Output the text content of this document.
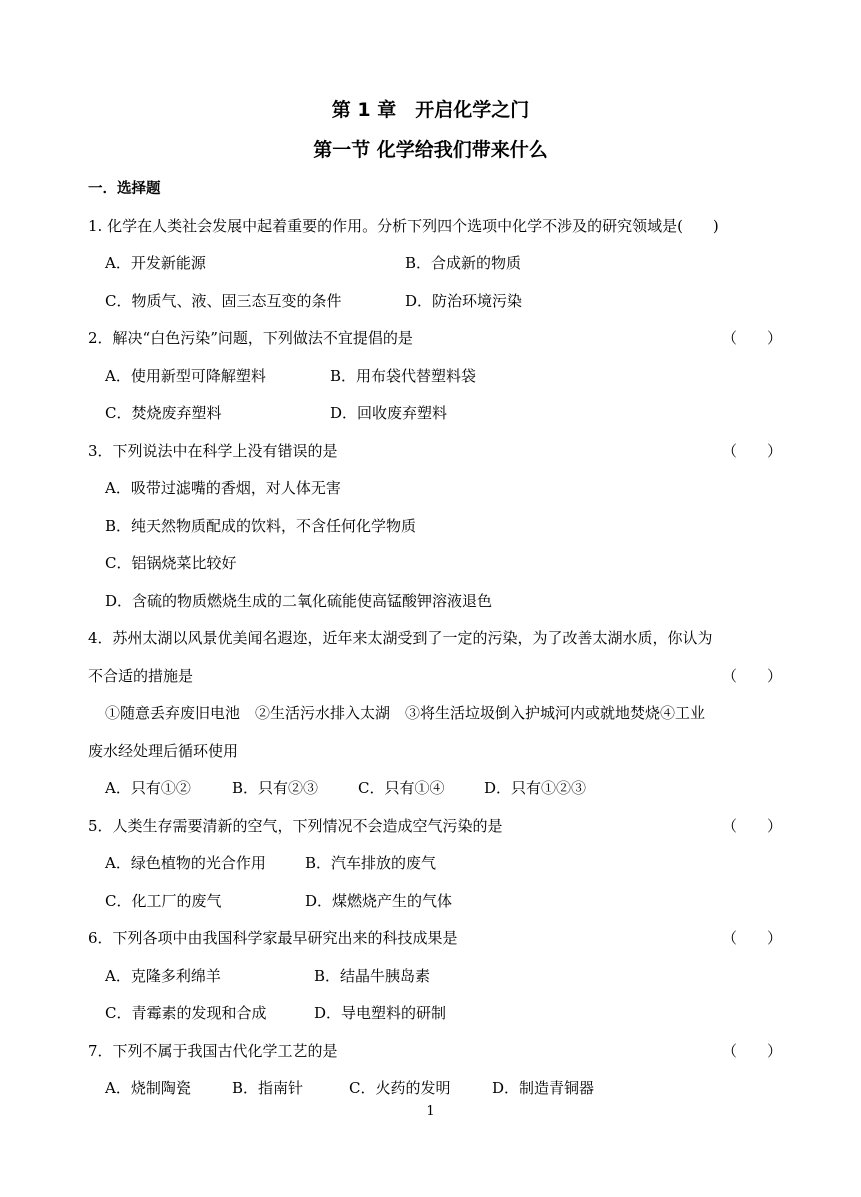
第 1 章　开启化学之门
第一节 化学给我们带来什么
一．选择题
1. 化学在人类社会发展中起着重要的作用。分析下列四个选项中化学不涉及的研究领域是(　　)
A．开发新能源	B．合成新的物质
C．物质气、液、固三态互变的条件	D．防治环境污染
2．解决“白色污染”问题，下列做法不宜提倡的是	（　　）
A．使用新型可降解塑料	B．用布袋代替塑料袋
C．焚烧废弃塑料	D．回收废弃塑料
3．下列说法中在科学上没有错误的是	（　　）
A．吸带过滤嘴的香烟，对人体无害
B．纯天然物质配成的饮料，不含任何化学物质
C．铝锅烧菜比较好
D．含硫的物质燃烧生成的二氧化硫能使高锰酸钾溶液退色
4．苏州太湖以风景优美闻名遐迩，近年来太湖受到了一定的污染，为了改善太湖水质，你认为
不合适的措施是	（　　）
①随意丢弃废旧电池　②生活污水排入太湖　③将生活垃圾倒入护城河内或就地焚烧④工业
废水经处理后循环使用
A．只有①②	B．只有②③	C．只有①④	D．只有①②③
5．人类生存需要清新的空气，下列情况不会造成空气污染的是	（　　）
A．绿色植物的光合作用	B．汽车排放的废气
C．化工厂的废气	D．煤燃烧产生的气体
6．下列各项中由我国科学家最早研究出来的科技成果是	（　　）
A．克隆多利绵羊	B．结晶牛胰岛素
C．青霉素的发现和合成	D．导电塑料的研制
7．下列不属于我国古代化学工艺的是	（　　）
A．烧制陶瓷	B．指南针	C．火药的发明	D．制造青铜器
1
